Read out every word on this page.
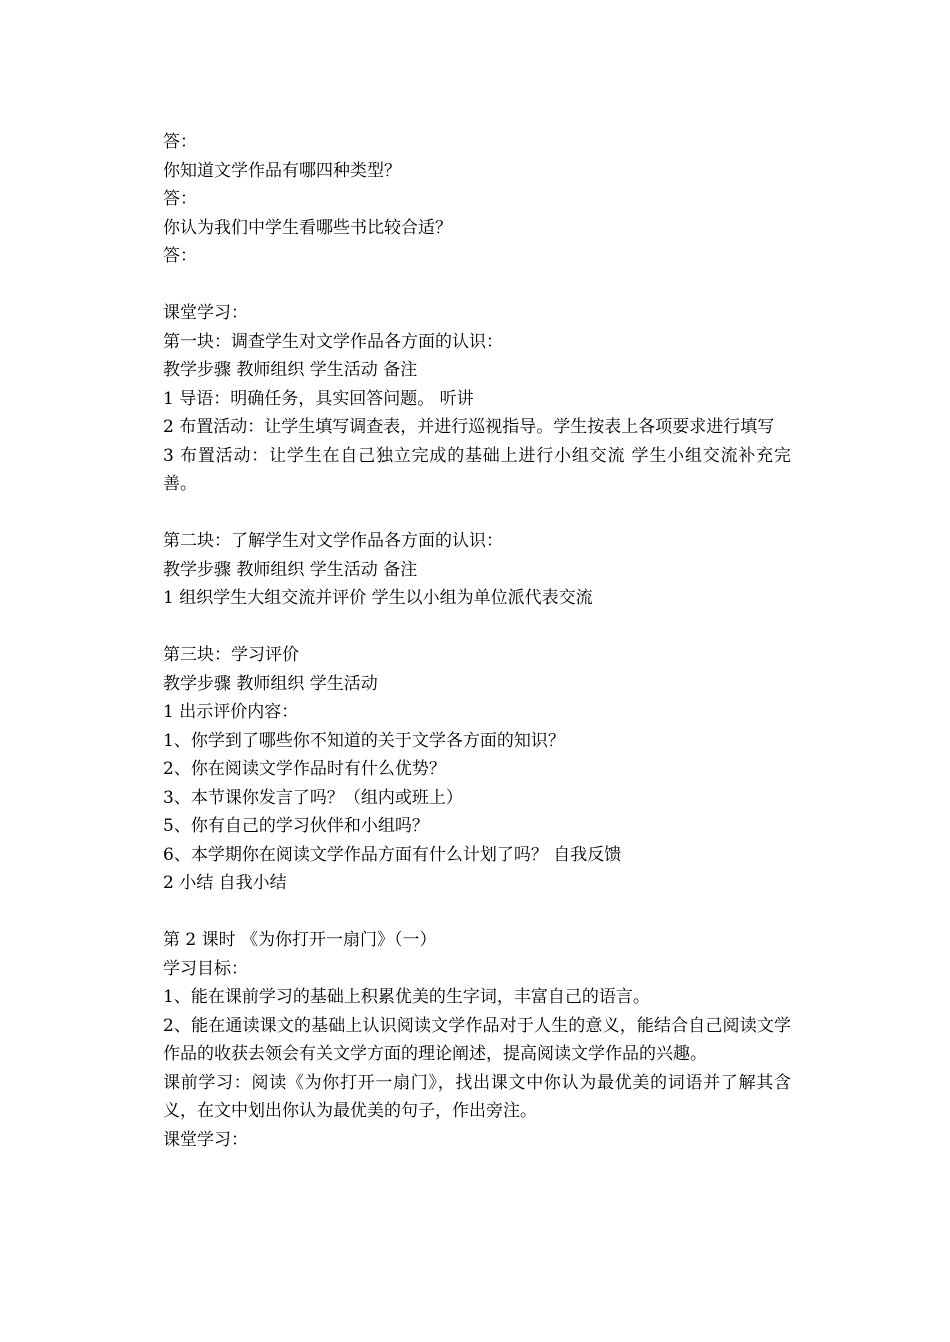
答：
你知道文学作品有哪四种类型？
答：
你认为我们中学生看哪些书比较合适？
答：
课堂学习：
第一块：调查学生对文学作品各方面的认识：
教学步骤 教师组织 学生活动 备注
1 导语：明确任务，具实回答问题。 听讲
2 布置活动：让学生填写调查表，并进行巡视指导。学生按表上各项要求进行填写
3 布置活动：让学生在自己独立完成的基础上进行小组交流 学生小组交流补充完善。
第二块：了解学生对文学作品各方面的认识：
教学步骤 教师组织 学生活动 备注
1 组织学生大组交流并评价 学生以小组为单位派代表交流
第三块：学习评价
教学步骤 教师组织 学生活动
1 出示评价内容：
1、你学到了哪些你不知道的关于文学各方面的知识？
2、你在阅读文学作品时有什么优势？
3、本节课你发言了吗？（组内或班上）
5、你有自己的学习伙伴和小组吗？
6、本学期你在阅读文学作品方面有什么计划了吗？ 自我反馈
2 小结 自我小结
第 2 课时 《为你打开一扇门》（一）
学习目标：
1、能在课前学习的基础上积累优美的生字词，丰富自己的语言。
2、能在通读课文的基础上认识阅读文学作品对于人生的意义，能结合自己阅读文学作品的收获去领会有关文学方面的理论阐述，提高阅读文学作品的兴趣。
课前学习：阅读《为你打开一扇门》，找出课文中你认为最优美的词语并了解其含义，在文中划出你认为最优美的句子，作出旁注。
课堂学习：
